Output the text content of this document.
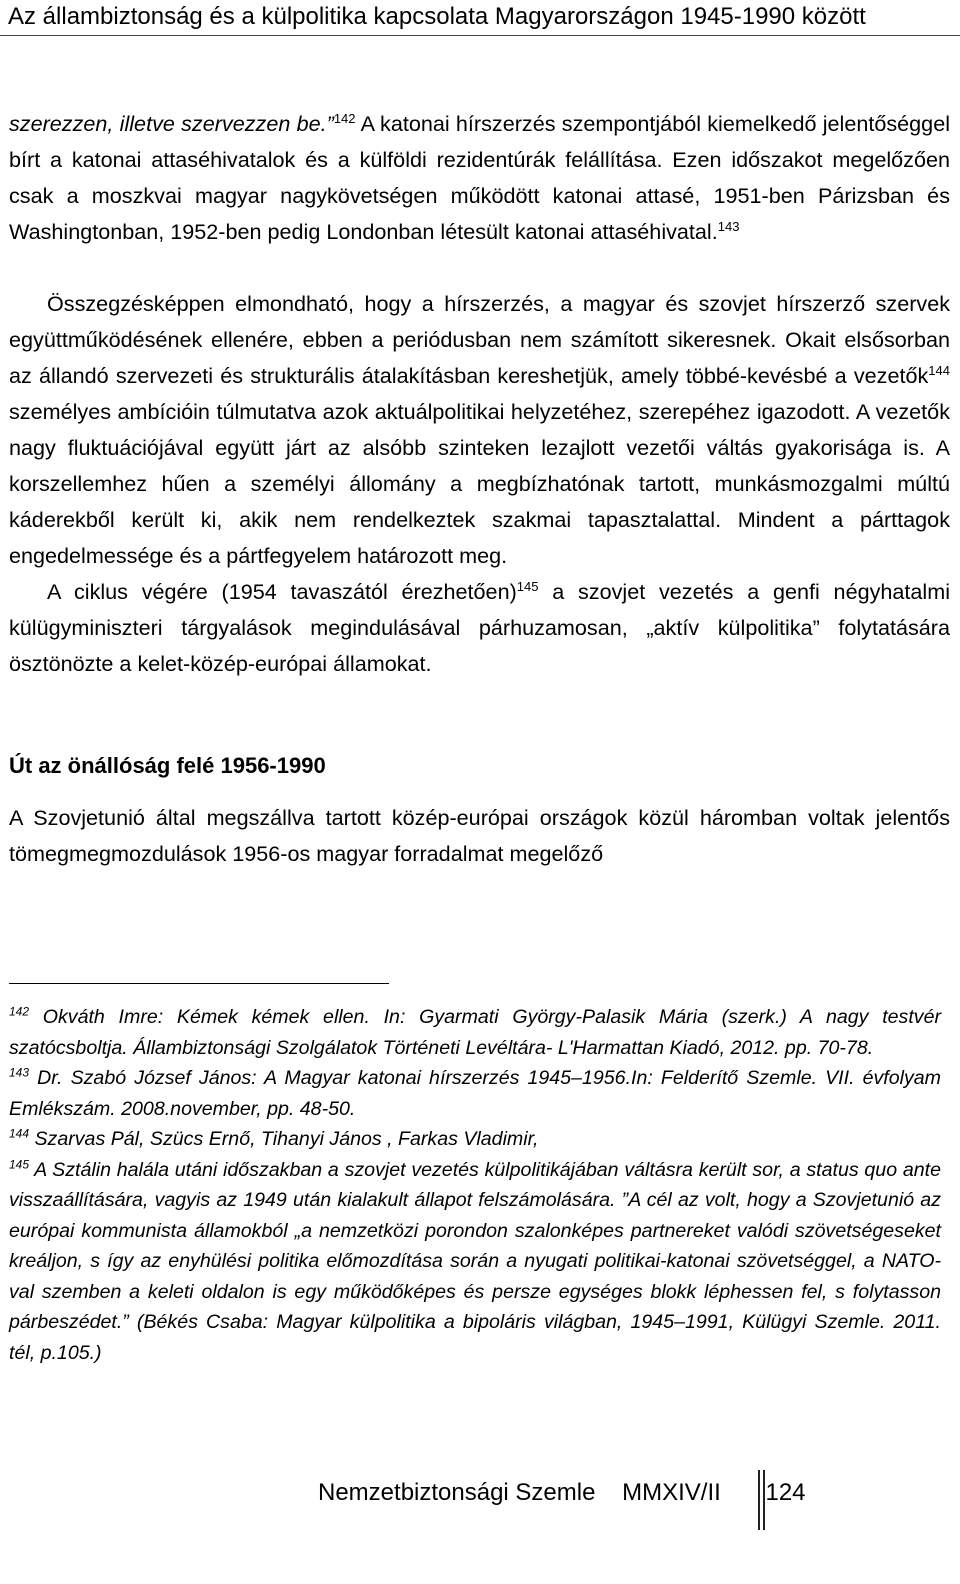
Az állambiztonság és a külpolitika kapcsolata Magyarországon 1945-1990 között

szerezzen, illetve szervezzen be.”$^{142}$ A katonai hírszerzés szempontjából kiemelkedő jelentőséggel bírt a katonai attaséhivatalok és a külföldi rezidentúrák felállítása. Ezen időszakot megelőzően csak a moszkvai magyar nagykövetségen működött katonai attasé, 1951-ben Párizsban és Washingtonban, 1952-ben pedig Londonban létesült katonai attaséhivatal.$^{143}$

Összegzésképpen elmondható, hogy a hírszerzés, a magyar és szovjet hírszerző szervek együttműködésének ellenére, ebben a periódusban nem számított sikeresnek. Okait elsősorban az állandó szervezeti és strukturális átalakításban kereshetjük, amely többé-kevésbé a vezetők$^{144}$ személyes ambícióin túlmutatva azok aktuálpolitikai helyzetéhez, szerepéhez igazodott. A vezetők nagy fluktuációjával együtt járt az alsóbb szinteken lezajlott vezetői váltás gyakorisága is. A korszellemhez hűen a személyi állomány a megbízhatónak tartott, munkásmozgalmi múltú káderekből került ki, akik nem rendelkeztek szakmai tapasztalattal. Mindent a párttagok engedelmessége és a pártfegyelem határozott meg.

A ciklus végére (1954 tavaszától érezhetően)$^{145}$ a szovjet vezetés a genfi négyhatalmi külügyminiszteri tárgyalások megindulásával párhuzamosan, „aktív külpolitika” folytatására ösztönözte a kelet-közép-európai államokat.

Út az önállóság felé 1956-1990

A Szovjetunió által megszállva tartott közép-európai országok közül háromban voltak jelentős tömegmegmozdulások 1956-os magyar forradalmat megelőző

$^{142}$ Okváth Imre: Kémek kémek ellen. In: Gyarmati György-Palasik Mária (szerk.) A nagy testvér szatócsboltja. Állambiztonsági Szolgálatok Történeti Levéltára- L'Harmattan Kiadó, 2012. pp. 70-78.

$^{143}$ Dr. Szabó József János: A Magyar katonai hírszerzés 1945–1956.In: Felderítő Szemle. VII. évfolyam Emlékszám. 2008.november, pp. 48-50.

$^{144}$ Szarvas Pál, Szücs Ernő, Tihanyi János , Farkas Vladimir,

$^{145}$ A Sztálin halála utáni időszakban a szovjet vezetés külpolitikájában váltásra került sor, a status quo ante visszaállítására, vagyis az 1949 után kialakult állapot felszámolására. ”A cél az volt, hogy a Szovjetunió az európai kommunista államokból „a nemzetközi porondon szalonképes partnereket valódi szövetségeseket kreáljon, s így az enyhülési politika előmozdítása során a nyugati politikai-katonai szövetséggel, a NATO-val szemben a keleti oldalon is egy működőképes és persze egységes blokk léphessen fel, s folytasson párbeszédet.” (Békés Csaba: Magyar külpolitika a bipoláris világban, 1945–1991, Külügyi Szemle. 2011. tél, p.105.)

Nemzetbiztonsági Szemle MMXIV/II 124
